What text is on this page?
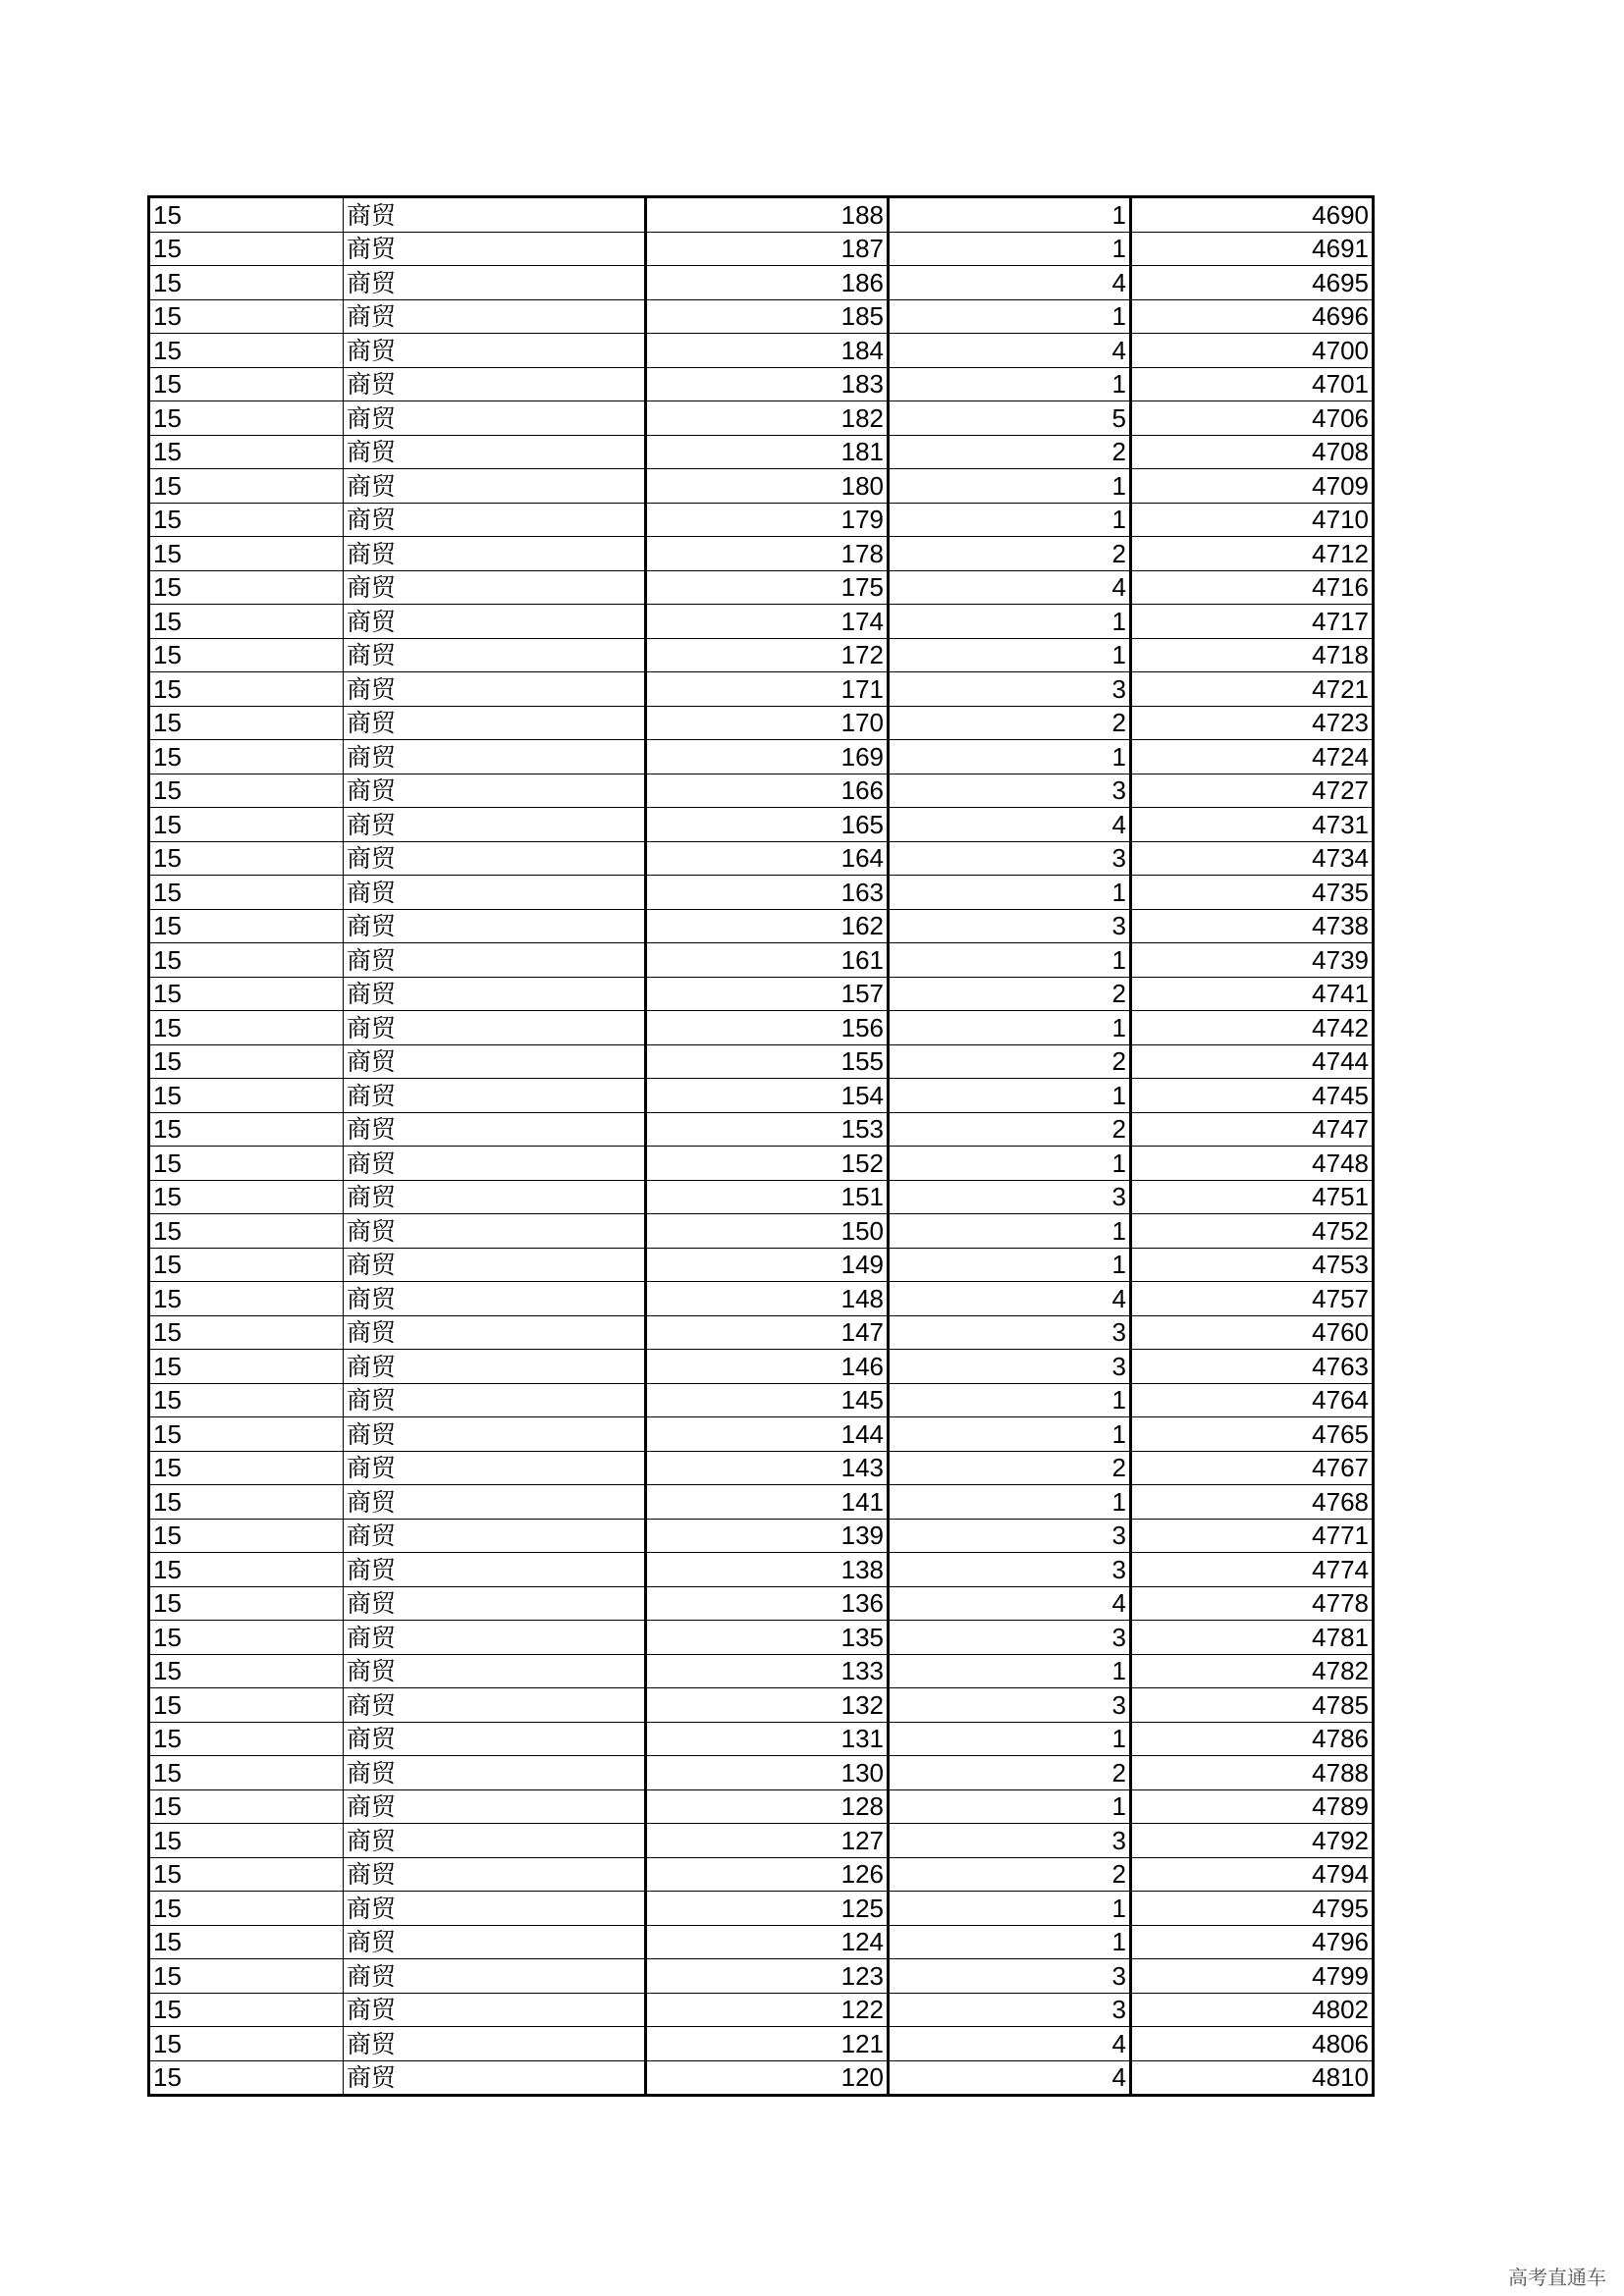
15	商贸	188	1	4690
15	商贸	187	1	4691
15	商贸	186	4	4695
15	商贸	185	1	4696
15	商贸	184	4	4700
15	商贸	183	1	4701
15	商贸	182	5	4706
15	商贸	181	2	4708
15	商贸	180	1	4709
15	商贸	179	1	4710
15	商贸	178	2	4712
15	商贸	175	4	4716
15	商贸	174	1	4717
15	商贸	172	1	4718
15	商贸	171	3	4721
15	商贸	170	2	4723
15	商贸	169	1	4724
15	商贸	166	3	4727
15	商贸	165	4	4731
15	商贸	164	3	4734
15	商贸	163	1	4735
15	商贸	162	3	4738
15	商贸	161	1	4739
15	商贸	157	2	4741
15	商贸	156	1	4742
15	商贸	155	2	4744
15	商贸	154	1	4745
15	商贸	153	2	4747
15	商贸	152	1	4748
15	商贸	151	3	4751
15	商贸	150	1	4752
15	商贸	149	1	4753
15	商贸	148	4	4757
15	商贸	147	3	4760
15	商贸	146	3	4763
15	商贸	145	1	4764
15	商贸	144	1	4765
15	商贸	143	2	4767
15	商贸	141	1	4768
15	商贸	139	3	4771
15	商贸	138	3	4774
15	商贸	136	4	4778
15	商贸	135	3	4781
15	商贸	133	1	4782
15	商贸	132	3	4785
15	商贸	131	1	4786
15	商贸	130	2	4788
15	商贸	128	1	4789
15	商贸	127	3	4792
15	商贸	126	2	4794
15	商贸	125	1	4795
15	商贸	124	1	4796
15	商贸	123	3	4799
15	商贸	122	3	4802
15	商贸	121	4	4806
15	商贸	120	4	4810
高考直通车
